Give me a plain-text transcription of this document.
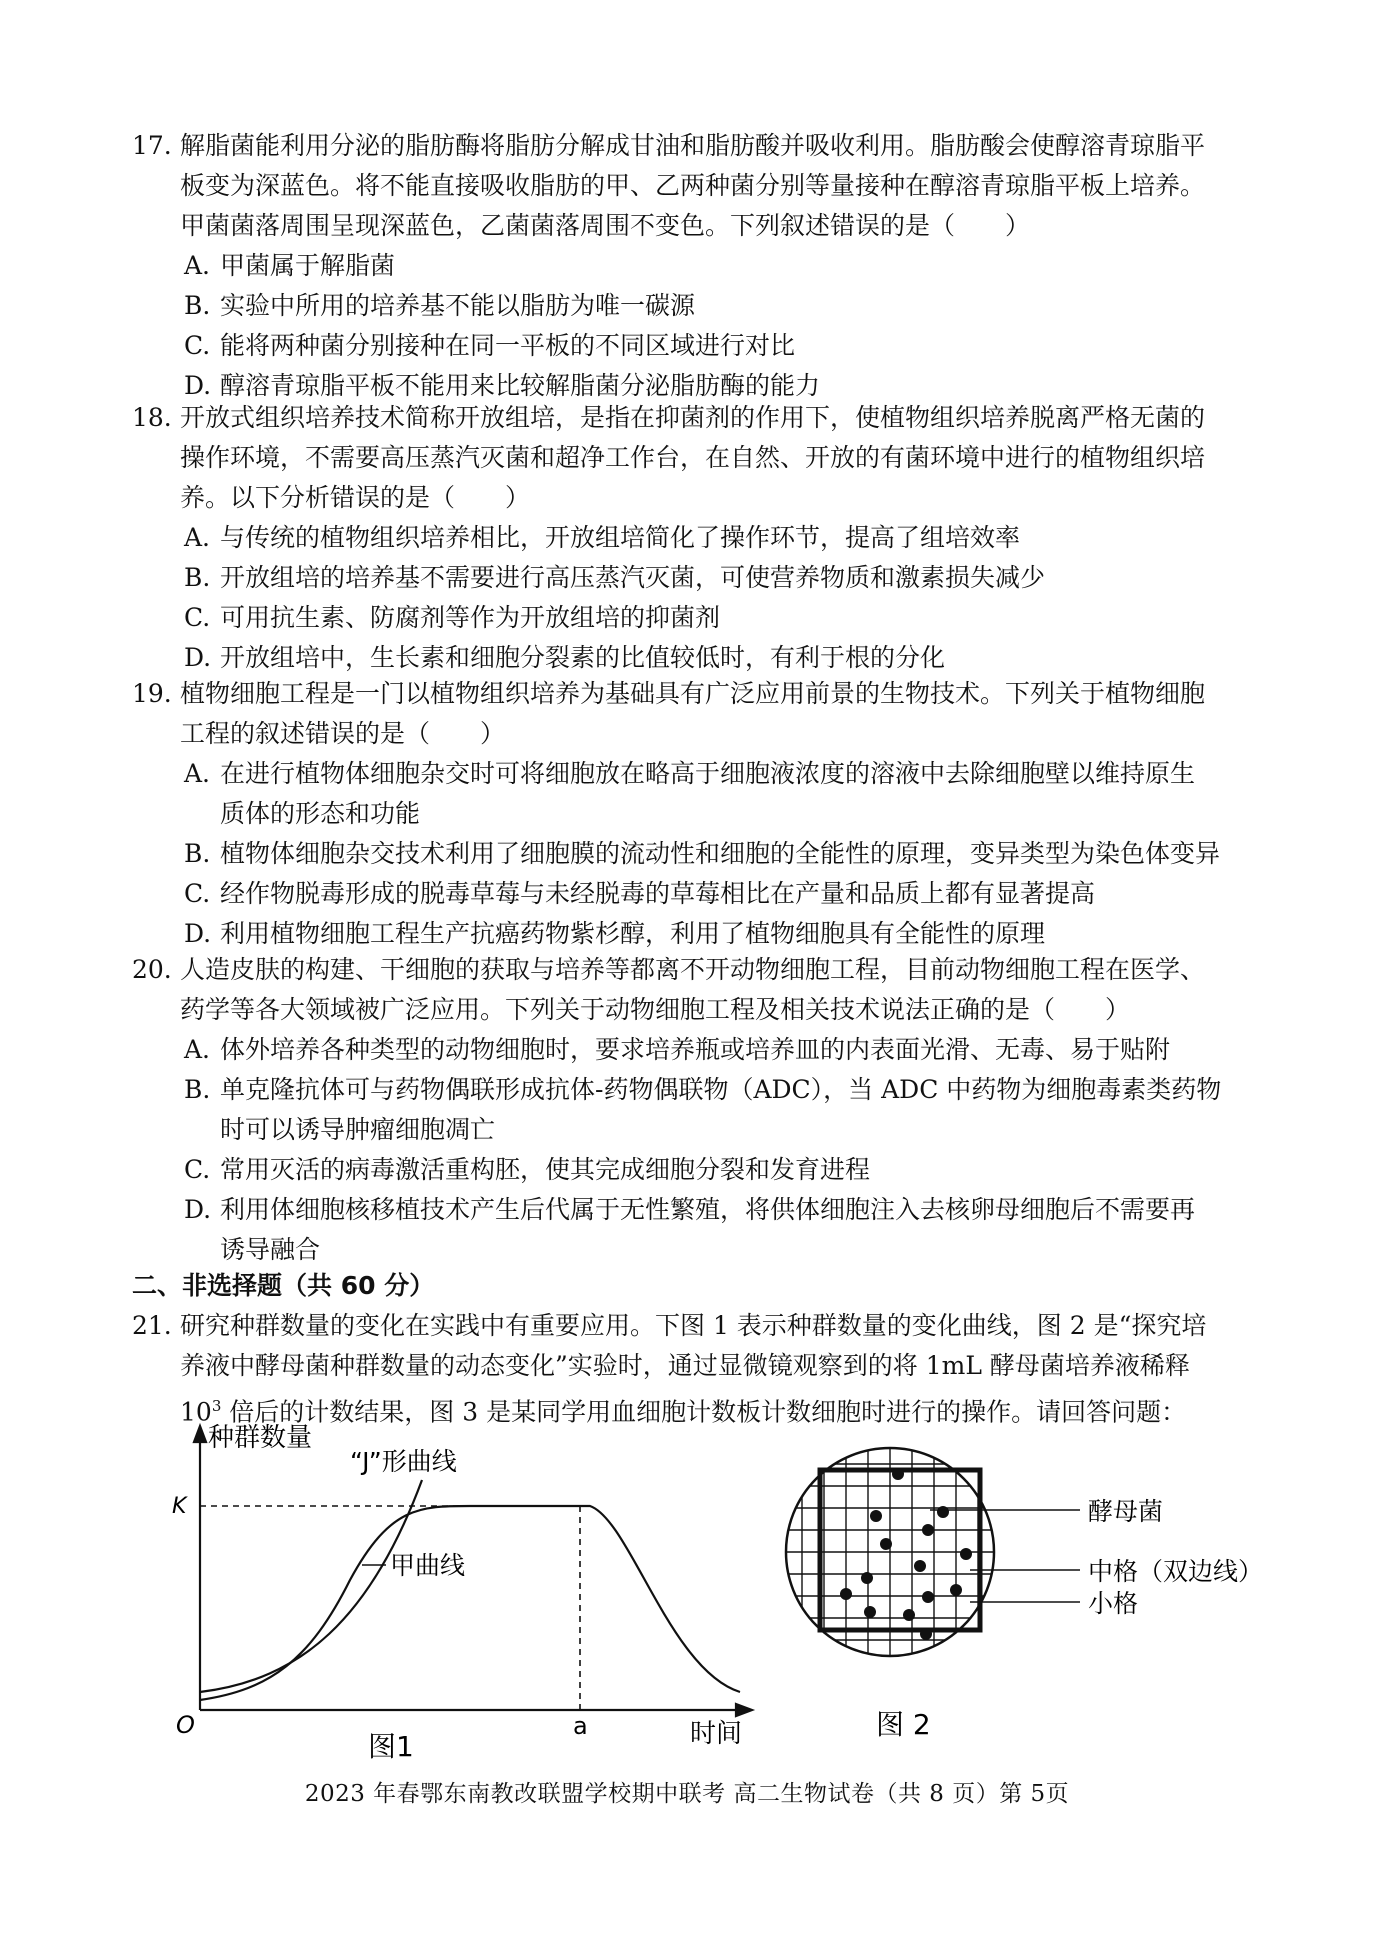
17. 解脂菌能利用分泌的脂肪酶将脂肪分解成甘油和脂肪酸并吸收利用。脂肪酸会使醇溶青琼脂平
板变为深蓝色。将不能直接吸收脂肪的甲、乙两种菌分别等量接种在醇溶青琼脂平板上培养。
甲菌菌落周围呈现深蓝色，乙菌菌落周围不变色。下列叙述错误的是（　　）
A. 甲菌属于解脂菌
B. 实验中所用的培养基不能以脂肪为唯一碳源
C. 能将两种菌分别接种在同一平板的不同区域进行对比
D. 醇溶青琼脂平板不能用来比较解脂菌分泌脂肪酶的能力
18. 开放式组织培养技术简称开放组培，是指在抑菌剂的作用下，使植物组织培养脱离严格无菌的
操作环境，不需要高压蒸汽灭菌和超净工作台，在自然、开放的有菌环境中进行的植物组织培
养。以下分析错误的是（　　）
A. 与传统的植物组织培养相比，开放组培简化了操作环节，提高了组培效率
B. 开放组培的培养基不需要进行高压蒸汽灭菌，可使营养物质和激素损失减少
C. 可用抗生素、防腐剂等作为开放组培的抑菌剂
D. 开放组培中，生长素和细胞分裂素的比值较低时，有利于根的分化
19. 植物细胞工程是一门以植物组织培养为基础具有广泛应用前景的生物技术。下列关于植物细胞
工程的叙述错误的是（　　）
A. 在进行植物体细胞杂交时可将细胞放在略高于细胞液浓度的溶液中去除细胞壁以维持原生
质体的形态和功能
B. 植物体细胞杂交技术利用了细胞膜的流动性和细胞的全能性的原理，变异类型为染色体变异
C. 经作物脱毒形成的脱毒草莓与未经脱毒的草莓相比在产量和品质上都有显著提高
D. 利用植物细胞工程生产抗癌药物紫杉醇，利用了植物细胞具有全能性的原理
20. 人造皮肤的构建、干细胞的获取与培养等都离不开动物细胞工程，目前动物细胞工程在医学、
药学等各大领域被广泛应用。下列关于动物细胞工程及相关技术说法正确的是（　　）
A. 体外培养各种类型的动物细胞时，要求培养瓶或培养皿的内表面光滑、无毒、易于贴附
B. 单克隆抗体可与药物偶联形成抗体-药物偶联物（ADC），当 ADC 中药物为细胞毒素类药物
时可以诱导肿瘤细胞凋亡
C. 常用灭活的病毒激活重构胚，使其完成细胞分裂和发育进程
D. 利用体细胞核移植技术产生后代属于无性繁殖，将供体细胞注入去核卵母细胞后不需要再
诱导融合
二、非选择题（共 60 分）
21. 研究种群数量的变化在实践中有重要应用。下图 1 表示种群数量的变化曲线，图 2 是“探究培
养液中酵母菌种群数量的动态变化”实验时，通过显微镜观察到的将 1mL 酵母菌培养液稀释
$10^3$ 倍后的计数结果，图 3 是某同学用血细胞计数板计数细胞时进行的操作。请回答问题：
种群数量
“J”形曲线
K
甲曲线
O	a	时间
图1
酵母菌
中格（双边线）
小格
图 2
2023 年春鄂东南教改联盟学校期中联考 高二生物试卷（共 8 页）第 5页
